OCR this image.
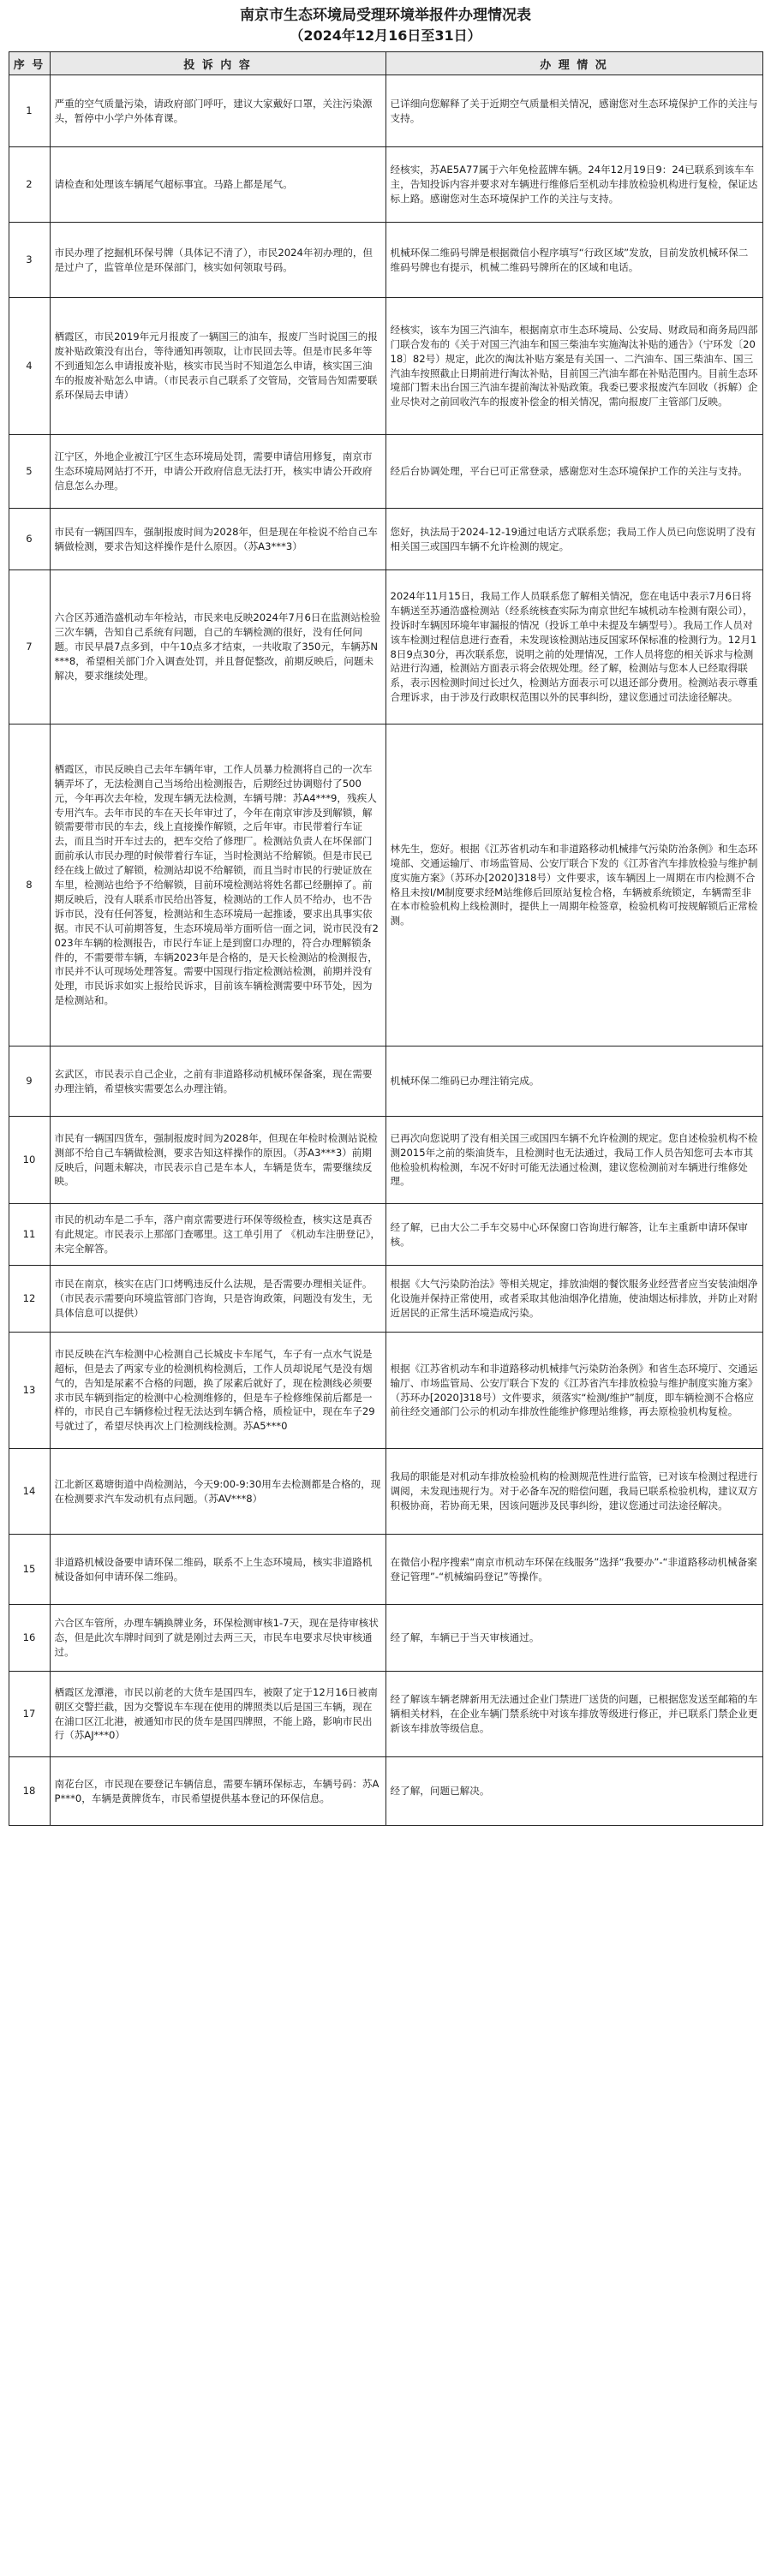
南京市生态环境局受理环境举报件办理情况表
（2024年12月16日至31日）
序 号	投 诉 内 容	办 理 情 况
1	严重的空气质量污染，请政府部门呼吁，建议大家戴好口罩，关注污染源头，暂停中小学户外体育课。	已详细向您解释了关于近期空气质量相关情况，感谢您对生态环境保护工作的关注与支持。
2	请检查和处理该车辆尾气超标事宜。马路上都是尾气。	经核实，苏AE5A77属于六年免检蓝牌车辆。24年12月19日9：24已联系到该车车主，告知投诉内容并要求对车辆进行维修后至机动车排放检验机构进行复检，保证达标上路。感谢您对生态环境保护工作的关注与支持。
3	市民办理了挖掘机环保号牌（具体记不清了），市民2024年初办理的，但是过户了，监管单位是环保部门，核实如何领取号码。	机械环保二维码号牌是根据微信小程序填写“行政区域”发放，目前发放机械环保二维码号牌也有提示，机械二维码号牌所在的区域和电话。
4	栖霞区，市民2019年元月报废了一辆国三的油车，报废厂当时说国三的报废补贴政策没有出台，等待通知再领取，让市民回去等。但是市民多年等不到通知怎么申请报废补贴，核实市民当时不知道怎么申请，核实国三油车的报废补贴怎么申请。（市民表示自己联系了交管局，交管局告知需要联系环保局去申请）	经核实，该车为国三汽油车，根据南京市生态环境局、公安局、财政局和商务局四部门联合发布的《关于对国三汽油车和国三柴油车实施淘汰补贴的通告》（宁环发〔2018〕82号）规定，此次的淘汰补贴方案是有关国一、二汽油车、国三柴油车、国三汽油车按照截止日期前进行淘汰补贴，目前国三汽油车都在补贴范围内。目前生态环境部门暂未出台国三汽油车提前淘汰补贴政策。我委已要求报废汽车回收（拆解）企业尽快对之前回收汽车的报废补偿金的相关情况，需向报废厂主管部门反映。
5	江宁区，外地企业被江宁区生态环境局处罚，需要申请信用修复，南京市生态环境局网站打不开，申请公开政府信息无法打开，核实申请公开政府信息怎么办理。	经后台协调处理，平台已可正常登录，感谢您对生态环境保护工作的关注与支持。
6	市民有一辆国四车，强制报废时间为2028年，但是现在年检说不给自己车辆做检测，要求告知这样操作是什么原因。（苏A3***3）	您好，执法局于2024-12-19通过电话方式联系您；我局工作人员已向您说明了没有相关国三或国四车辆不允许检测的规定。
7	六合区苏通浩盛机动车年检站，市民来电反映2024年7月6日在监测站检验三次车辆，告知自己系统有问题，自己的车辆检测的很好，没有任何问题。市民早晨7点多到，中午10点多才结束，一共收取了350元，车辆苏N***8，希望相关部门介入调查处罚，并且督促整改，前期反映后，问题未解决，要求继续处理。	2024年11月15日，我局工作人员联系您了解相关情况，您在电话中表示7月6日将车辆送至苏通浩盛检测站（经系统核查实际为南京世纪车城机动车检测有限公司），投诉时车辆因环境年审漏报的情况（投诉工单中未提及车辆型号）。我局工作人员对该车检测过程信息进行查看，未发现该检测站违反国家环保标准的检测行为。12月18日9点30分，再次联系您，说明之前的处理情况，工作人员将您的相关诉求与检测站进行沟通，检测站方面表示将会依规处理。经了解，检测站与您本人已经取得联系，表示因检测时间过长过久，检测站方面表示可以退还部分费用。检测站表示尊重合理诉求，由于涉及行政职权范围以外的民事纠纷，建议您通过司法途径解决。
8	栖霞区，市民反映自己去年车辆年审，工作人员暴力检测将自己的一次车辆弄坏了，无法检测自己当场给出检测报告，后期经过协调赔付了500元，今年再次去年检，发现车辆无法检测，车辆号牌：苏A4***9，残疾人专用汽车。去年市民的车在天长年审过了，今年在南京审涉及到解锁，解锁需要带市民的车去，线上直接操作解锁，之后年审。市民带着行车证去，而且当时开车过去的，把车交给了修理厂。检测站负责人在坏保部门面前承认市民办理的时候带着行车证，当时检测站不给解锁。但是市民已经在线上做过了解锁，检测站却说不给解锁，而且当时市民的行驶证放在车里，检测站也给予不给解锁，目前环境检测站将姓名都已经删掉了。前期反映后，没有人联系市民给出答复，检测站的工作人员不给办，也不告诉市民，没有任何答复，检测站和生态环境局一起推诿，要求出具事实依据。市民不认可前期答复，生态环境局举方面听信一面之词，说市民没有2023年车辆的检测报告，市民行车证上是到窗口办理的，符合办理解锁条件的，不需要带车辆，车辆2023年是合格的，是天长检测站的检测报告，市民并不认可现场处理答复。需要中国现行指定检测站检测，前期并没有处理，市民诉求如实上报给民诉求，目前该车辆检测需要中环节处，因为是检测站和。	林先生，您好。根据《江苏省机动车和非道路移动机械排气污染防治条例》和生态环境部、交通运输厅、市场监管局、公安厅联合下发的《江苏省汽车排放检验与维护制度实施方案》（苏环办[2020]318号）文件要求，该车辆因上一周期在市内检测不合格且未按I/M制度要求经M站维修后回原站复检合格，车辆被系统锁定，车辆需至非在本市检验机构上线检测时，提供上一周期年检签章，检验机构可按规解锁后正常检测。
9	玄武区，市民表示自己企业，之前有非道路移动机械环保备案，现在需要办理注销，希望核实需要怎么办理注销。	机械环保二维码已办理注销完成。
10	市民有一辆国四货车，强制报废时间为2028年，但现在年检时检测站说检测部不给自己车辆做检测，要求告知这样操作的原因。（苏A3***3）前期反映后，问题未解决，市民表示自己是车本人，车辆是货车，需要继续反映。	已再次向您说明了没有相关国三或国四车辆不允许检测的规定。您自述检验机构不检测2015年之前的柴油货车，且检测时也无法通过，我局工作人员告知您可去本市其他检验机构检测，车况不好时可能无法通过检测，建议您检测前对车辆进行维修处理。
11	市民的机动车是二手车，落户南京需要进行环保等级检查，核实这是真否有此规定。市民表示上那部门查哪里。这工单引用了 《机动车注册登记》，未完全解答。	经了解，已由大公二手车交易中心环保窗口咨询进行解答，让车主重新申请环保审核。
12	市民在南京，核实在店门口烤鸭违反什么法规，是否需要办理相关证件。（市民表示需要向环境监管部门咨询，只是咨询政策，问题没有发生，无具体信息可以提供）	根据《大气污染防治法》等相关规定，排放油烟的餐饮服务业经营者应当安装油烟净化设施并保持正常使用，或者采取其他油烟净化措施，使油烟达标排放，并防止对附近居民的正常生活环境造成污染。
13	市民反映在汽车检测中心检测自己长城皮卡车尾气，车子有一点水气说是超标，但是去了两家专业的检测机构检测后，工作人员却说尾气是没有烟气的，告知是尿素不合格的问题，换了尿素后就好了，现在检测线必须要求市民车辆到指定的检测中心检测维修的，但是车子检修维保前后都是一样的，市民自己车辆修检过程无法达到车辆合格，质检证中，现在车子29号就过了，希望尽快再次上门检测线检测。苏A5***0	根据《江苏省机动车和非道路移动机械排气污染防治条例》和省生态环境厅、交通运输厅、市场监管局、公安厅联合下发的《江苏省汽车排放检验与维护制度实施方案》（苏环办[2020]318号）文件要求，须落实“检测/维护”制度，即车辆检测不合格应前往经交通部门公示的机动车排放性能维护修理站维修，再去原检验机构复检。
14	江北新区葛塘街道中尚检测站，今天9:00-9:30用车去检测都是合格的，现在检测要求汽车发动机有点问题。（苏AV***8）	我局的职能是对机动车排放检验机构的检测规范性进行监管，已对该车检测过程进行调阅，未发现违规行为。对于必备车况的赔偿问题，我局已联系检验机构，建议双方积极协商，若协商无果，因该问题涉及民事纠纷，建议您通过司法途径解决。
15	非道路机械设备要申请环保二维码，联系不上生态环境局，核实非道路机械设备如何申请环保二维码。	在微信小程序搜索“南京市机动车环保在线服务”选择“我要办”-“非道路移动机械备案登记管理”-“机械编码登记”等操作。
16	六合区车管所，办理车辆换牌业务，环保检测审核1-7天，现在是待审核状态，但是此次车牌时间到了就是刚过去两三天，市民车电要求尽快审核通过。	经了解，车辆已于当天审核通过。
17	栖霞区龙潭港，市民以前老的大货车是国四车，被限了定于12月16日被南朝区交警拦截，因为交警说车车现在使用的牌照类以后是国三车辆，现在在浦口区江北港，被通知市民的货车是国四牌照，不能上路，影响市民出行（苏AJ***0）	经了解该车辆老牌新用无法通过企业门禁进厂送货的问题，已根据您发送至邮箱的车辆相关材料，在企业车辆门禁系统中对该车排放等级进行修正，并已联系门禁企业更新该车排放等级信息。
18	南花台区，市民现在要登记车辆信息，需要车辆环保标志，车辆号码：苏AP***0，车辆是黄牌货车，市民希望提供基本登记的环保信息。	经了解，问题已解决。
